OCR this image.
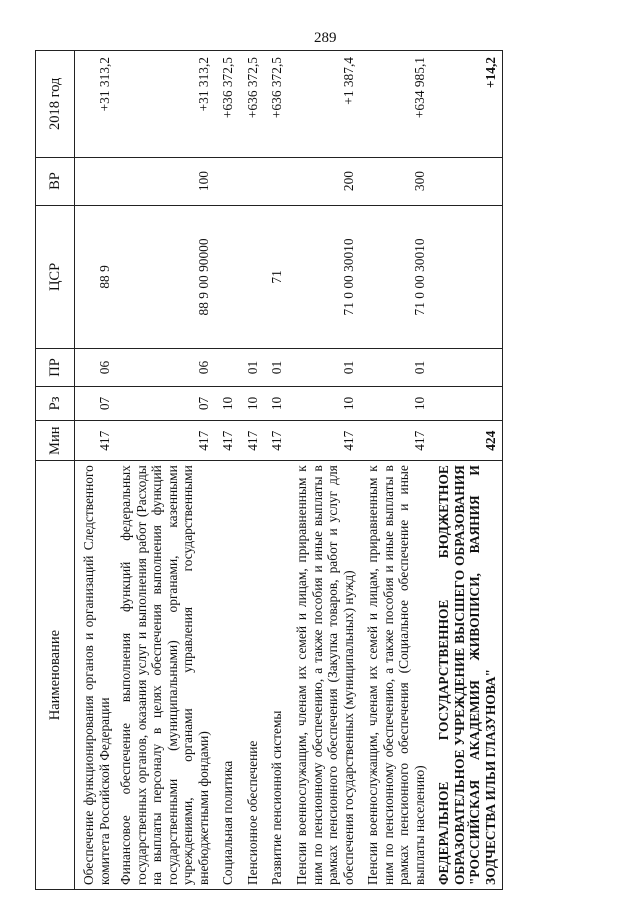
289
Наименование	Мин	Рз	ПР	ЦСР	ВР	2018 год
Обеспечение функционирования органов и организаций Следственного комитета Российской Федерации	417	07	06	88 9		+31 313,2
Финансовое обеспечение выполнения функций федеральных государственных органов, оказания услуг и выполнения работ (Расходы на выплаты персоналу в целях обеспечения выполнения функций государственными (муниципальными) органами, казенными учреждениями, органами управления государственными внебюджетными фондами)	417	07	06	88 9 00 90000	100	+31 313,2
Социальная политика	417	10				+636 372,5
Пенсионное обеспечение	417	10	01			+636 372,5
Развитие пенсионной системы	417	10	01	71		+636 372,5
Пенсии военнослужащим, членам их семей и лицам, приравненным к ним по пенсионному обеспечению, а также пособия и иные выплаты в рамках пенсионного обеспечения (Закупка товаров, работ и услуг для обеспечения государственных (муниципальных) нужд)	417	10	01	71 0 00 30010	200	+1 387,4
Пенсии военнослужащим, членам их семей и лицам, приравненным к ним по пенсионному обеспечению, а также пособия и иные выплаты в рамках пенсионного обеспечения (Социальное обеспечение и иные выплаты населению)	417	10	01	71 0 00 30010	300	+634 985,1
ФЕДЕРАЛЬНОЕ ГОСУДАРСТВЕННОЕ БЮДЖЕТНОЕ ОБРАЗОВАТЕЛЬНОЕ УЧРЕЖДЕНИЕ ВЫСШЕГО ОБРАЗОВАНИЯ "РОССИЙСКАЯ АКАДЕМИЯ ЖИВОПИСИ, ВАЯНИЯ И ЗОДЧЕСТВА ИЛЬИ ГЛАЗУНОВА"	424					+14,2
